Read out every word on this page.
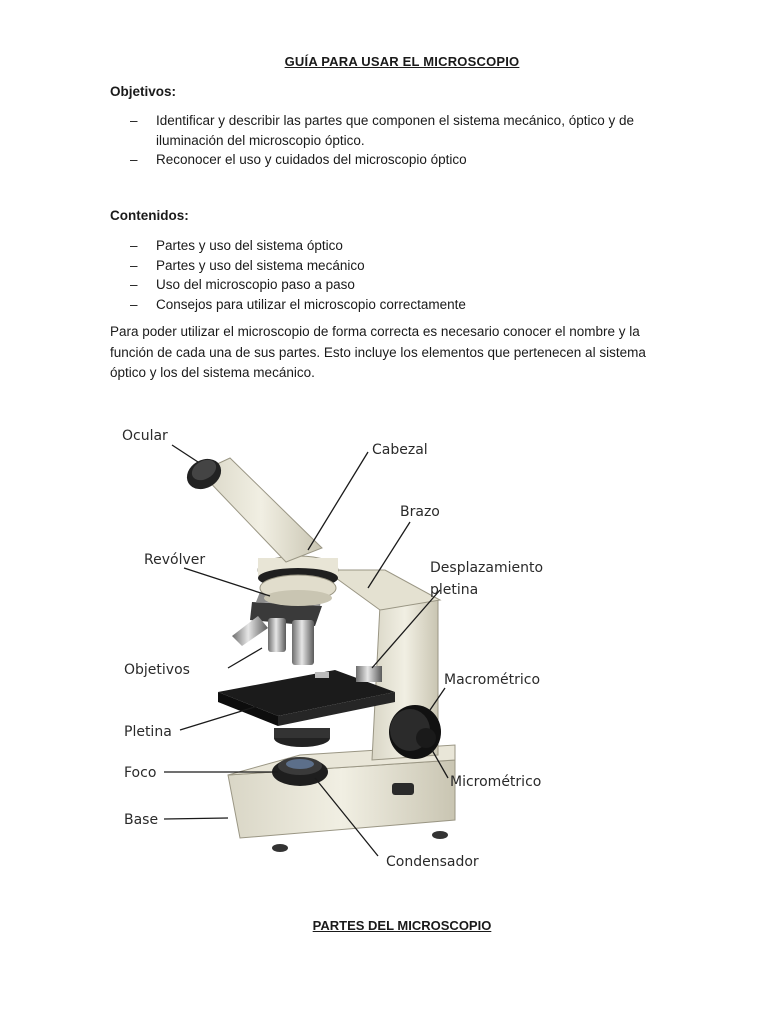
GUÍA PARA USAR EL MICROSCOPIO
Objetivos:
– Identificar y describir las partes que componen el sistema mecánico, óptico y de iluminación del microscopio óptico.
– Reconocer el uso y cuidados del microscopio óptico
Contenidos:
– Partes y uso del sistema óptico
– Partes y uso del sistema mecánico
– Uso del microscopio paso a paso
– Consejos para utilizar el microscopio correctamente

Para poder utilizar el microscopio de forma correcta es necesario conocer el nombre y la función de cada una de sus partes. Esto incluye los elementos que pertenecen al sistema óptico y los del sistema mecánico.

Ocular
Cabezal
Brazo
Revólver	Desplazamiento
pletina
Objetivos
Macrométrico
Pletina
Foco
Micrométrico
Base
Condensador
PARTES DEL MICROSCOPIO
